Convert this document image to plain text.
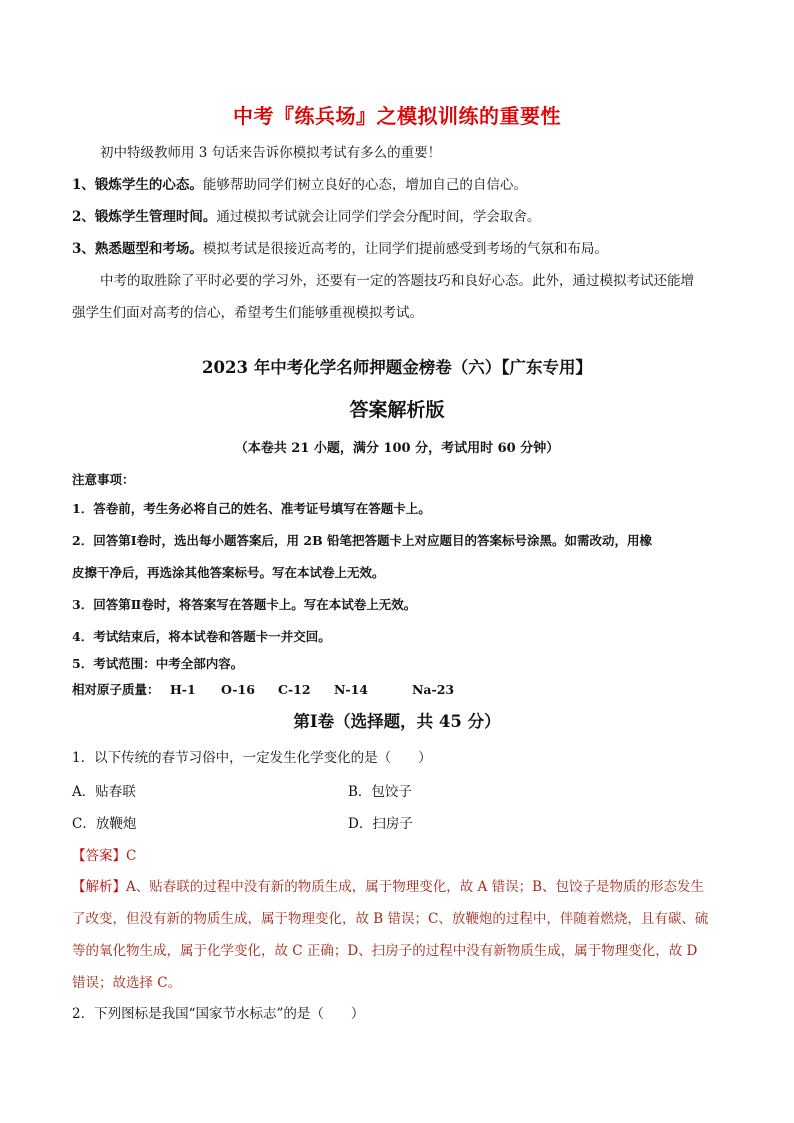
中考『练兵场』之模拟训练的重要性
初中特级教师用 3 句话来告诉你模拟考试有多么的重要！
1、锻炼学生的心态。能够帮助同学们树立良好的心态，增加自己的自信心。
2、锻炼学生管理时间。通过模拟考试就会让同学们学会分配时间，学会取舍。
3、熟悉题型和考场。模拟考试是很接近高考的，让同学们提前感受到考场的气氛和布局。
中考的取胜除了平时必要的学习外，还要有一定的答题技巧和良好心态。此外，通过模拟考试还能增
强学生们面对高考的信心，希望考生们能够重视模拟考试。
2023 年中考化学名师押题金榜卷（六）【广东专用】
答案解析版
（本卷共 21 小题，满分 100 分，考试用时 60 分钟）
注意事项：
1．答卷前，考生务必将自己的姓名、准考证号填写在答题卡上。
2．回答第Ⅰ卷时，选出每小题答案后，用 2B 铅笔把答题卡上对应题目的答案标号涂黑。如需改动，用橡
皮擦干净后，再选涂其他答案标号。写在本试卷上无效。
3．回答第Ⅱ卷时，将答案写在答题卡上。写在本试卷上无效。
4．考试结束后，将本试卷和答题卡一并交回。
5．考试范围：中考全部内容。
相对原子质量： H-1 O-16 C-12 N-14	Na-23
第Ⅰ卷（选择题，共 45 分）
1．以下传统的春节习俗中，一定发生化学变化的是（　　）
A．贴春联	B．包饺子
C．放鞭炮	D．扫房子
【答案】C
【解析】A、贴春联的过程中没有新的物质生成，属于物理变化，故 A 错误；B、包饺子是物质的形态发生
了改变，但没有新的物质生成，属于物理变化，故 B 错误；C、放鞭炮的过程中，伴随着燃烧，且有碳、硫
等的氧化物生成，属于化学变化，故 C 正确；D、扫房子的过程中没有新物质生成，属于物理变化，故 D
错误；故选择 C。
2．下列图标是我国“国家节水标志”的是（　　）
